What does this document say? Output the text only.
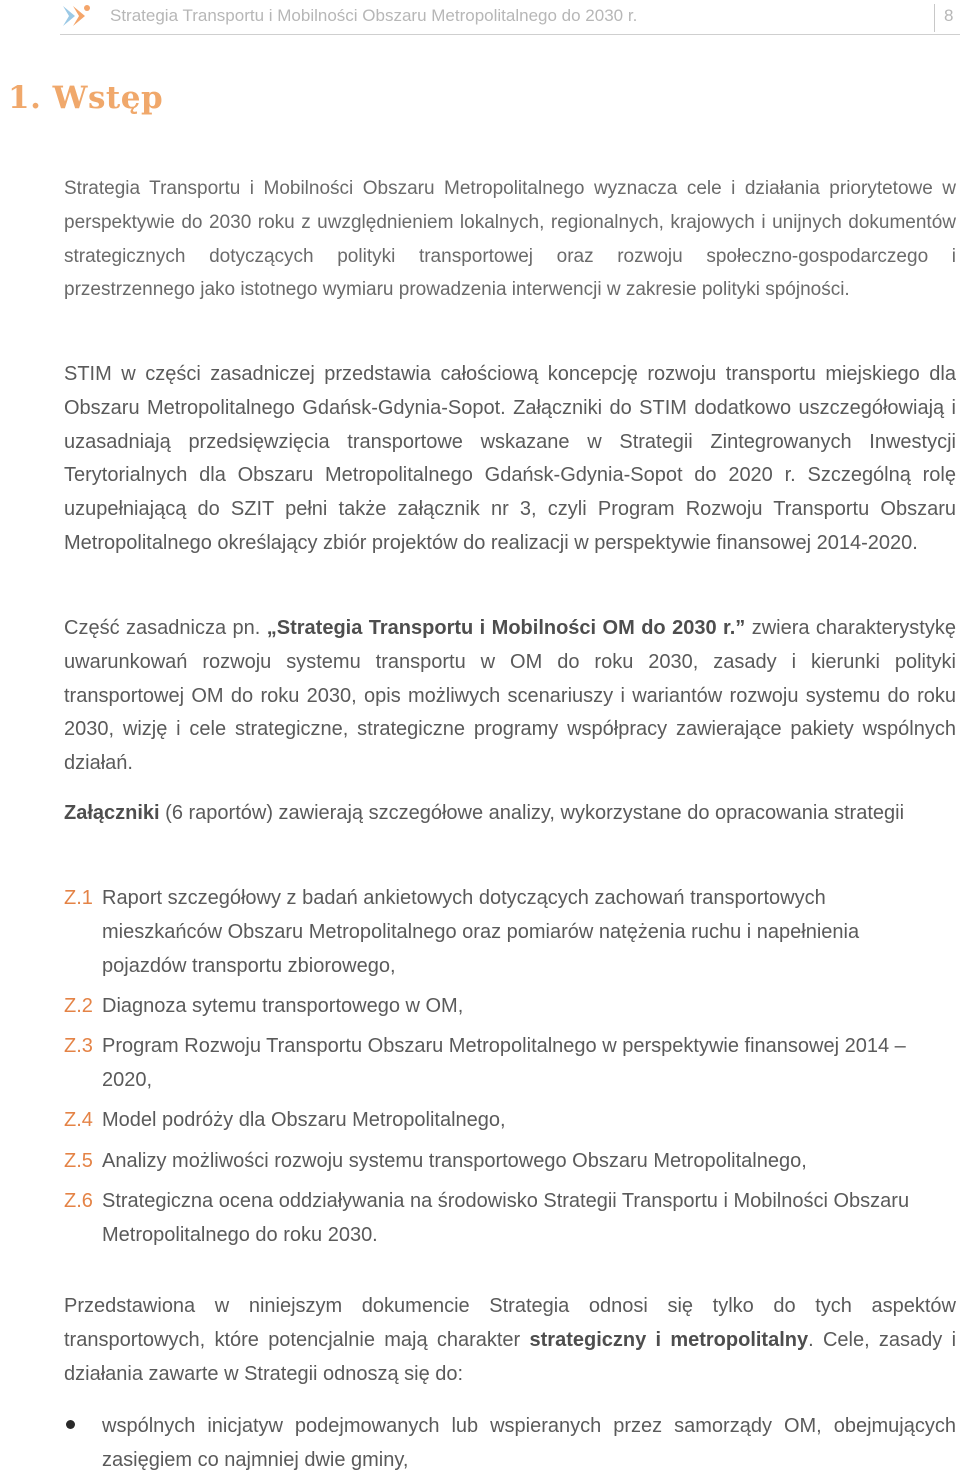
Strategia Transportu i Mobilności Obszaru Metropolitalnego do 2030 r.	8
1. Wstęp

Strategia Transportu i Mobilności Obszaru Metropolitalnego wyznacza cele i działania priorytetowe w perspektywie do 2030 roku z uwzględnieniem lokalnych, regionalnych, krajowych i unijnych dokumentów strategicznych dotyczących polityki transportowej oraz rozwoju społeczno-gospodarczego i przestrzennego jako istotnego wymiaru prowadzenia interwencji w zakresie polityki spójności.

STIM w części zasadniczej przedstawia całościową koncepcję rozwoju transportu miejskiego dla Obszaru Metropolitalnego Gdańsk-Gdynia-Sopot. Załączniki do STIM dodatkowo uszczegółowiają i uzasadniają przedsięwzięcia transportowe wskazane w Strategii Zintegrowanych Inwestycji Terytorialnych dla Obszaru Metropolitalnego Gdańsk-Gdynia-Sopot do 2020 r. Szczególną rolę uzupełniającą do SZIT pełni także załącznik nr 3, czyli Program Rozwoju Transportu Obszaru Metropolitalnego określający zbiór projektów do realizacji w perspektywie finansowej 2014-2020.

Część zasadnicza pn. „Strategia Transportu i Mobilności OM do 2030 r.” zwiera charakterystykę uwarunkowań rozwoju systemu transportu w OM do roku 2030, zasady i kierunki polityki transportowej OM do roku 2030, opis możliwych scenariuszy i wariantów rozwoju systemu do roku 2030, wizję i cele strategiczne, strategiczne programy współpracy zawierające pakiety wspólnych działań.

Załączniki (6 raportów) zawierają szczegółowe analizy, wykorzystane do opracowania strategii

Z.1 Raport szczegółowy z badań ankietowych dotyczących zachowań transportowych mieszkańców Obszaru Metropolitalnego oraz pomiarów natężenia ruchu i napełnienia pojazdów transportu zbiorowego,
Z.2 Diagnoza sytemu transportowego w OM,
Z.3 Program Rozwoju Transportu Obszaru Metropolitalnego w perspektywie finansowej 2014 – 2020,
Z.4 Model podróży dla Obszaru Metropolitalnego,
Z.5 Analizy możliwości rozwoju systemu transportowego Obszaru Metropolitalnego,
Z.6 Strategiczna ocena oddziaływania na środowisko Strategii Transportu i Mobilności Obszaru Metropolitalnego do roku 2030.

Przedstawiona w niniejszym dokumencie Strategia odnosi się tylko do tych aspektów transportowych, które potencjalnie mają charakter strategiczny i metropolitalny. Cele, zasady i działania zawarte w Strategii odnoszą się do:

wspólnych inicjatyw podejmowanych lub wspieranych przez samorządy OM, obejmujących zasięgiem co najmniej dwie gminy,
